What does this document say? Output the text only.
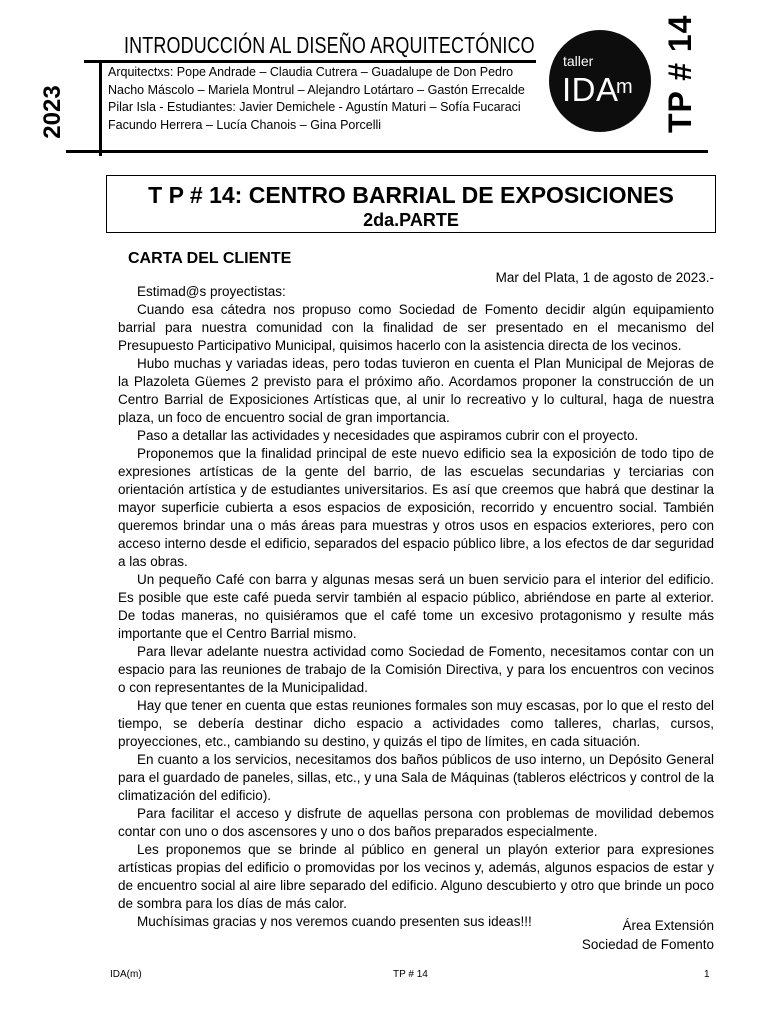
INTRODUCCIÓN AL DISEÑO ARQUITECTÓNICO
2023
Arquitectxs: Pope Andrade – Claudia Cutrera – Guadalupe de Don Pedro
Nacho Máscolo – Mariela Montrul – Alejandro Lotártaro – Gastón Errecalde
Pilar Isla - Estudiantes: Javier Demichele - Agustín Maturi – Sofía Fucaraci
Facundo Herrera – Lucía Chanois – Gina Porcelli
taller
IDA
m TP # 14
T P # 14: CENTRO BARRIAL DE EXPOSICIONES
2da.PARTE
CARTA DEL CLIENTE
Mar del Plata, 1 de agosto de 2023.-

Estimad@s proyectistas:

Cuando esa cátedra nos propuso como Sociedad de Fomento decidir algún equipamiento barrial para nuestra comunidad con la finalidad de ser presentado en el mecanismo del Presupuesto Participativo Municipal, quisimos hacerlo con la asistencia directa de los vecinos.

Hubo muchas y variadas ideas, pero todas tuvieron en cuenta el Plan Municipal de Mejoras de la Plazoleta Güemes 2 previsto para el próximo año. Acordamos proponer la construcción de un Centro Barrial de Exposiciones Artísticas que, al unir lo recreativo y lo cultural, haga de nuestra plaza, un foco de encuentro social de gran importancia.

Paso a detallar las actividades y necesidades que aspiramos cubrir con el proyecto.

Proponemos que la finalidad principal de este nuevo edificio sea la exposición de todo tipo de expresiones artísticas de la gente del barrio, de las escuelas secundarias y terciarias con orientación artística y de estudiantes universitarios. Es así que creemos que habrá que destinar la mayor superficie cubierta a esos espacios de exposición, recorrido y encuentro social. También queremos brindar una o más áreas para muestras y otros usos en espacios exteriores, pero con acceso interno desde el edificio, separados del espacio público libre, a los efectos de dar seguridad a las obras.

Un pequeño Café con barra y algunas mesas será un buen servicio para el interior del edificio. Es posible que este café pueda servir también al espacio público, abriéndose en parte al exterior. De todas maneras, no quisiéramos que el café tome un excesivo protagonismo y resulte más importante que el Centro Barrial mismo.

Para llevar adelante nuestra actividad como Sociedad de Fomento, necesitamos contar con un espacio para las reuniones de trabajo de la Comisión Directiva, y para los encuentros con vecinos o con representantes de la Municipalidad.

Hay que tener en cuenta que estas reuniones formales son muy escasas, por lo que el resto del tiempo, se debería destinar dicho espacio a actividades como talleres, charlas, cursos, proyecciones, etc., cambiando su destino, y quizás el tipo de límites, en cada situación.

En cuanto a los servicios, necesitamos dos baños públicos de uso interno, un Depósito General para el guardado de paneles, sillas, etc., y una Sala de Máquinas (tableros eléctricos y control de la climatización del edificio).

Para facilitar el acceso y disfrute de aquellas persona con problemas de movilidad debemos contar con uno o dos ascensores y uno o dos baños preparados especialmente.

Les proponemos que se brinde al público en general un playón exterior para expresiones artísticas propias del edificio o promovidas por los vecinos y, además, algunos espacios de estar y de encuentro social al aire libre separado del edificio. Alguno descubierto y otro que brinde un poco de sombra para los días de más calor.

Muchísimas gracias y nos veremos cuando presenten sus ideas!!!	Área Extensión
Sociedad de Fomento
IDA(m)	TP # 14	1
